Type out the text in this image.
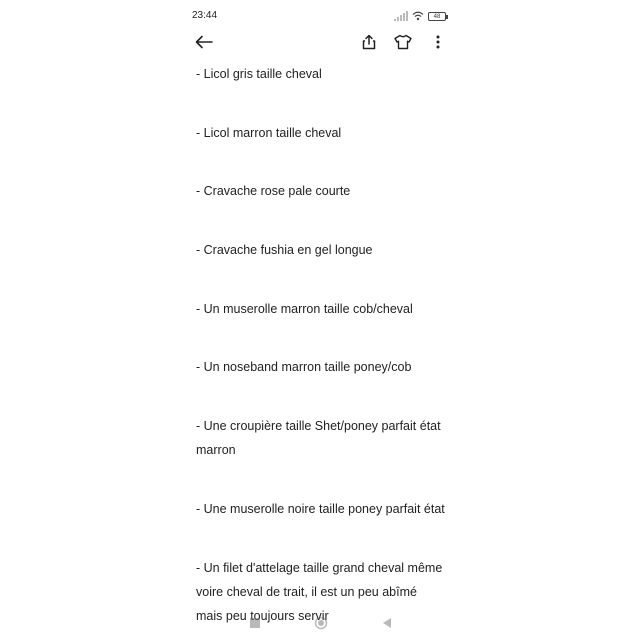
23:44	48
- Licol gris taille cheval
- Licol marron taille cheval
- Cravache rose pale courte
- Cravache fushia en gel longue
- Un muserolle marron taille cob/cheval
- Un noseband marron taille poney/cob
- Une croupière taille Shet/poney parfait état marron
- Une muserolle noire taille poney parfait état
- Un filet d'attelage taille grand cheval même voire cheval de trait, il est un peu abîmé mais peu toujours servir
